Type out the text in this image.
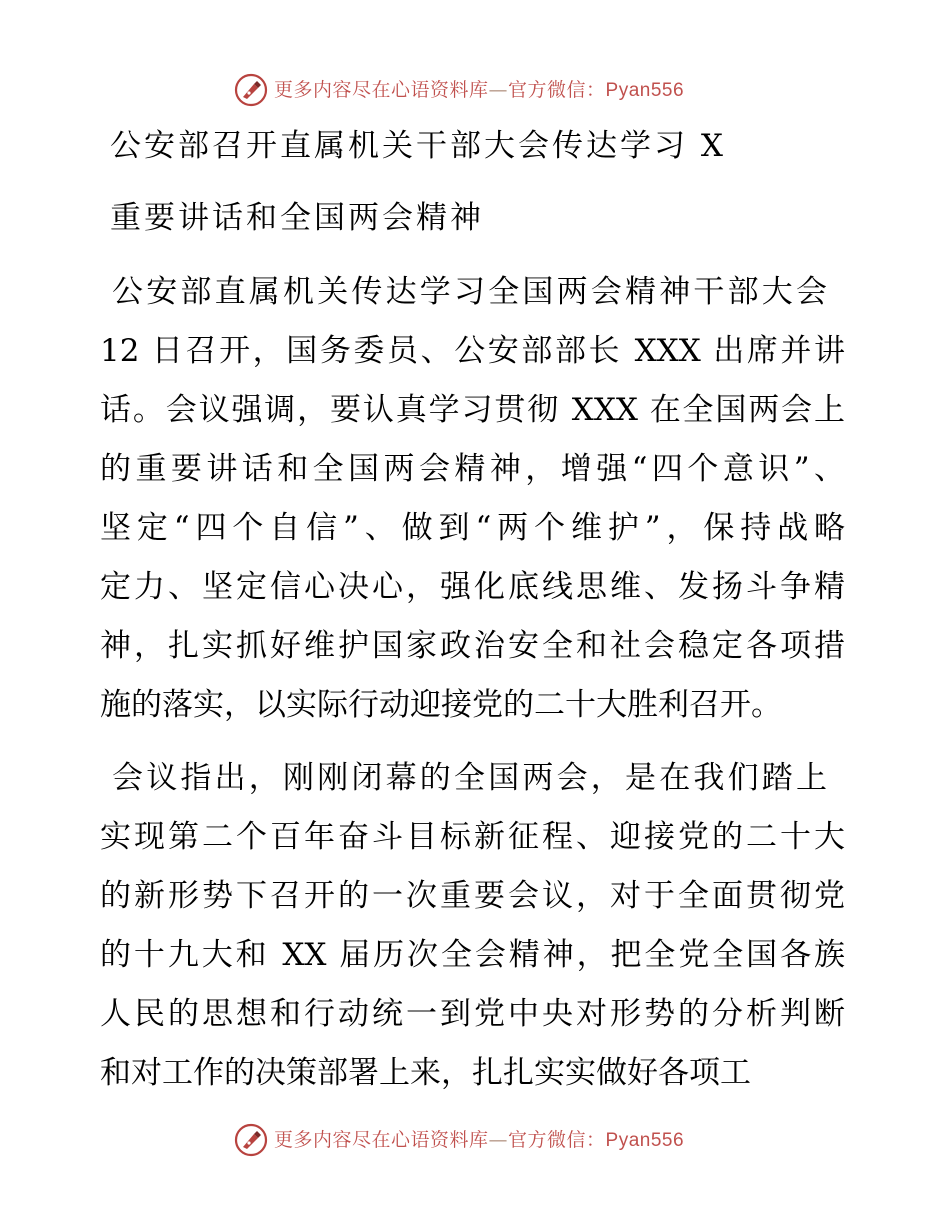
更多内容尽在心语资料库—官方微信：Pyan556
公安部召开直属机关干部大会传达学习 X
重要讲话和全国两会精神
公安部直属机关传达学习全国两会精神干部大会
12 日召开，国务委员、公安部部长 XXX 出席并讲
话。会议强调，要认真学习贯彻 XXX 在全国两会上
的重要讲话和全国两会精神，增强“四个意识”、
坚定“四个自信”、做到“两个维护”，保持战略
定力、坚定信心决心，强化底线思维、发扬斗争精
神，扎实抓好维护国家政治安全和社会稳定各项措
施的落实，以实际行动迎接党的二十大胜利召开。
会议指出，刚刚闭幕的全国两会，是在我们踏上
实现第二个百年奋斗目标新征程、迎接党的二十大
的新形势下召开的一次重要会议，对于全面贯彻党
的十九大和 XX 届历次全会精神，把全党全国各族
人民的思想和行动统一到党中央对形势的分析判断
和对工作的决策部署上来，扎扎实实做好各项工
更多内容尽在心语资料库—官方微信：Pyan556
